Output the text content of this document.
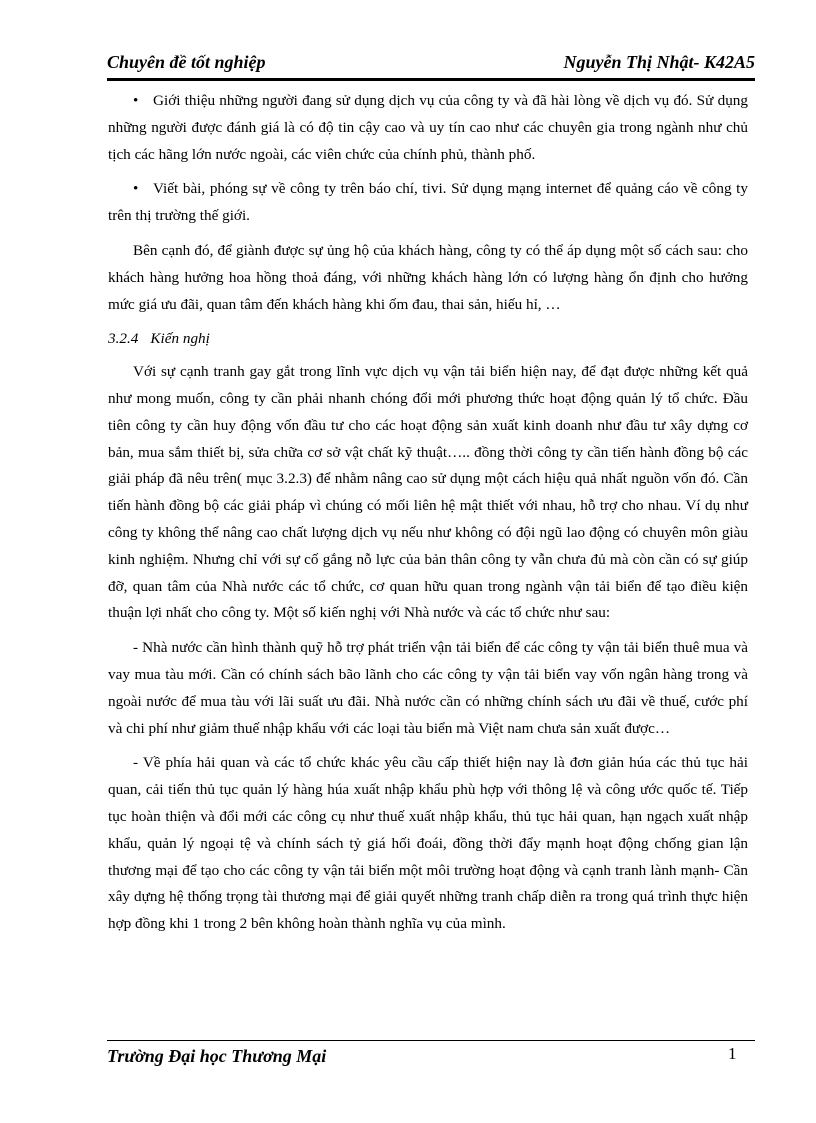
Chuyên đề tốt nghiệp	Nguyễn Thị Nhật- K42A5

• Giới thiệu những người đang sử dụng dịch vụ của công ty và đã hài lòng về dịch vụ đó. Sử dụng những người được đánh giá là có độ tin cậy cao và uy tín cao như các chuyên gia trong ngành như chủ tịch các hãng lớn nước ngoài, các viên chức của chính phủ, thành phố.

• Viết bài, phóng sự về công ty trên báo chí, tivi. Sử dụng mạng internet để quảng cáo về công ty trên thị trường thế giới.

Bên cạnh đó, để giành được sự ủng hộ của khách hàng, công ty có thể áp dụng một số cách sau: cho khách hàng hưởng hoa hồng thoả đáng, với những khách hàng lớn có lượng hàng ổn định cho hưởng mức giá ưu đãi, quan tâm đến khách hàng khi ốm đau, thai sản, hiếu hỉ, …

3.2.4 Kiến nghị

Với sự cạnh tranh gay gắt trong lĩnh vực dịch vụ vận tải biển hiện nay, để đạt được những kết quả như mong muốn, công ty cần phải nhanh chóng đổi mới phương thức hoạt động quản lý tổ chức. Đầu tiên công ty cần huy động vốn đầu tư cho các hoạt động sản xuất kinh doanh như đầu tư xây dựng cơ bản, mua sắm thiết bị, sửa chữa cơ sở vật chất kỹ thuật….. đồng thời công ty cần tiến hành đồng bộ các giải pháp đã nêu trên( mục 3.2.3) để nhằm nâng cao sử dụng một cách hiệu quả nhất nguồn vốn đó. Cần tiến hành đồng bộ các giải pháp vì chúng có mối liên hệ mật thiết với nhau, hỗ trợ cho nhau. Ví dụ như công ty không thể nâng cao chất lượng dịch vụ nếu như không có đội ngũ lao động có chuyên môn giàu kinh nghiệm. Nhưng chỉ với sự cố gắng nỗ lực của bản thân công ty vẫn chưa đủ mà còn cần có sự giúp đỡ, quan tâm của Nhà nước các tổ chức, cơ quan hữu quan trong ngành vận tải biển để tạo điều kiện thuận lợi nhất cho công ty. Một số kiến nghị với Nhà nước và các tổ chức như sau:

- Nhà nước cần hình thành quỹ hỗ trợ phát triển vận tải biển để các công ty vận tải biển thuê mua và vay mua tàu mới. Cần có chính sách bão lãnh cho các công ty vận tải biển vay vốn ngân hàng trong và ngoài nước để mua tàu với lãi suất ưu đãi. Nhà nước cần có những chính sách ưu đãi về thuế, cước phí và chi phí như giảm thuế nhập khẩu với các loại tàu biển mà Việt nam chưa sản xuất được…

- Về phía hải quan và các tổ chức khác yêu cầu cấp thiết hiện nay là đơn giản húa các thủ tục hải quan, cải tiến thủ tục quản lý hàng húa xuất nhập khẩu phù hợp với thông lệ và công ước quốc tế. Tiếp tục hoàn thiện và đổi mới các công cụ như thuế xuất nhập khẩu, thủ tục hải quan, hạn ngạch xuất nhập khẩu, quản lý ngoại tệ và chính sách tỷ giá hối đoái, đồng thời đẩy mạnh hoạt động chống gian lận thương mại để tạo cho các công ty vận tải biển một môi trường hoạt động và cạnh tranh lành mạnh- Cần xây dựng hệ thống trọng tài thương mại để giải quyết những tranh chấp diễn ra trong quá trình thực hiện hợp đồng khi 1 trong 2 bên không hoàn thành nghĩa vụ của mình.

Trường Đại học Thương Mại	1
